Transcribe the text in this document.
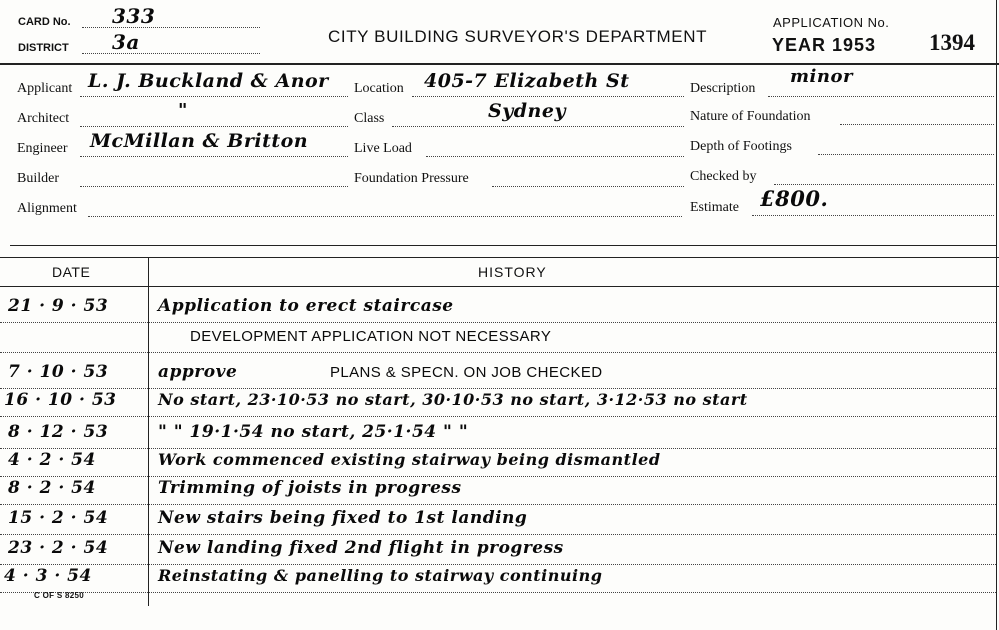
CARD No. 333
DISTRICT 3a	CITY BUILDING SURVEYOR'S DEPARTMENT
APPLICATION No.
YEAR 1953 1394
Applicant L. J. Buckland & Anor
Architect	"
Engineer McMillan & Britton
Builder
Alignment
Location 405-7 Elizabeth St
Class	Sydney
Live Load
Foundation Pressure
Description
minor
Nature of Foundation
Depth of Footings
Checked by
Estimate £800.
DATE	HISTORY
21 · 9 · 53	Application to erect staircase
DEVELOPMENT APPLICATION NOT NECESSARY
7 · 10 · 53	approve	PLANS & SPECN. ON JOB CHECKED
16 · 10 · 53	No start, 23·10·53 no start, 30·10·53 no start, 3·12·53 no start
8 · 12 · 53	" " 19·1·54 no start, 25·1·54 " "
4 · 2 · 54	Work commenced existing stairway being dismantled
8 · 2 · 54	Trimming of joists in progress
15 · 2 · 54	New stairs being fixed to 1st landing
23 · 2 · 54	New landing fixed 2nd flight in progress
4 · 3 · 54	Reinstating & panelling to stairway continuing
C OF S 8250
